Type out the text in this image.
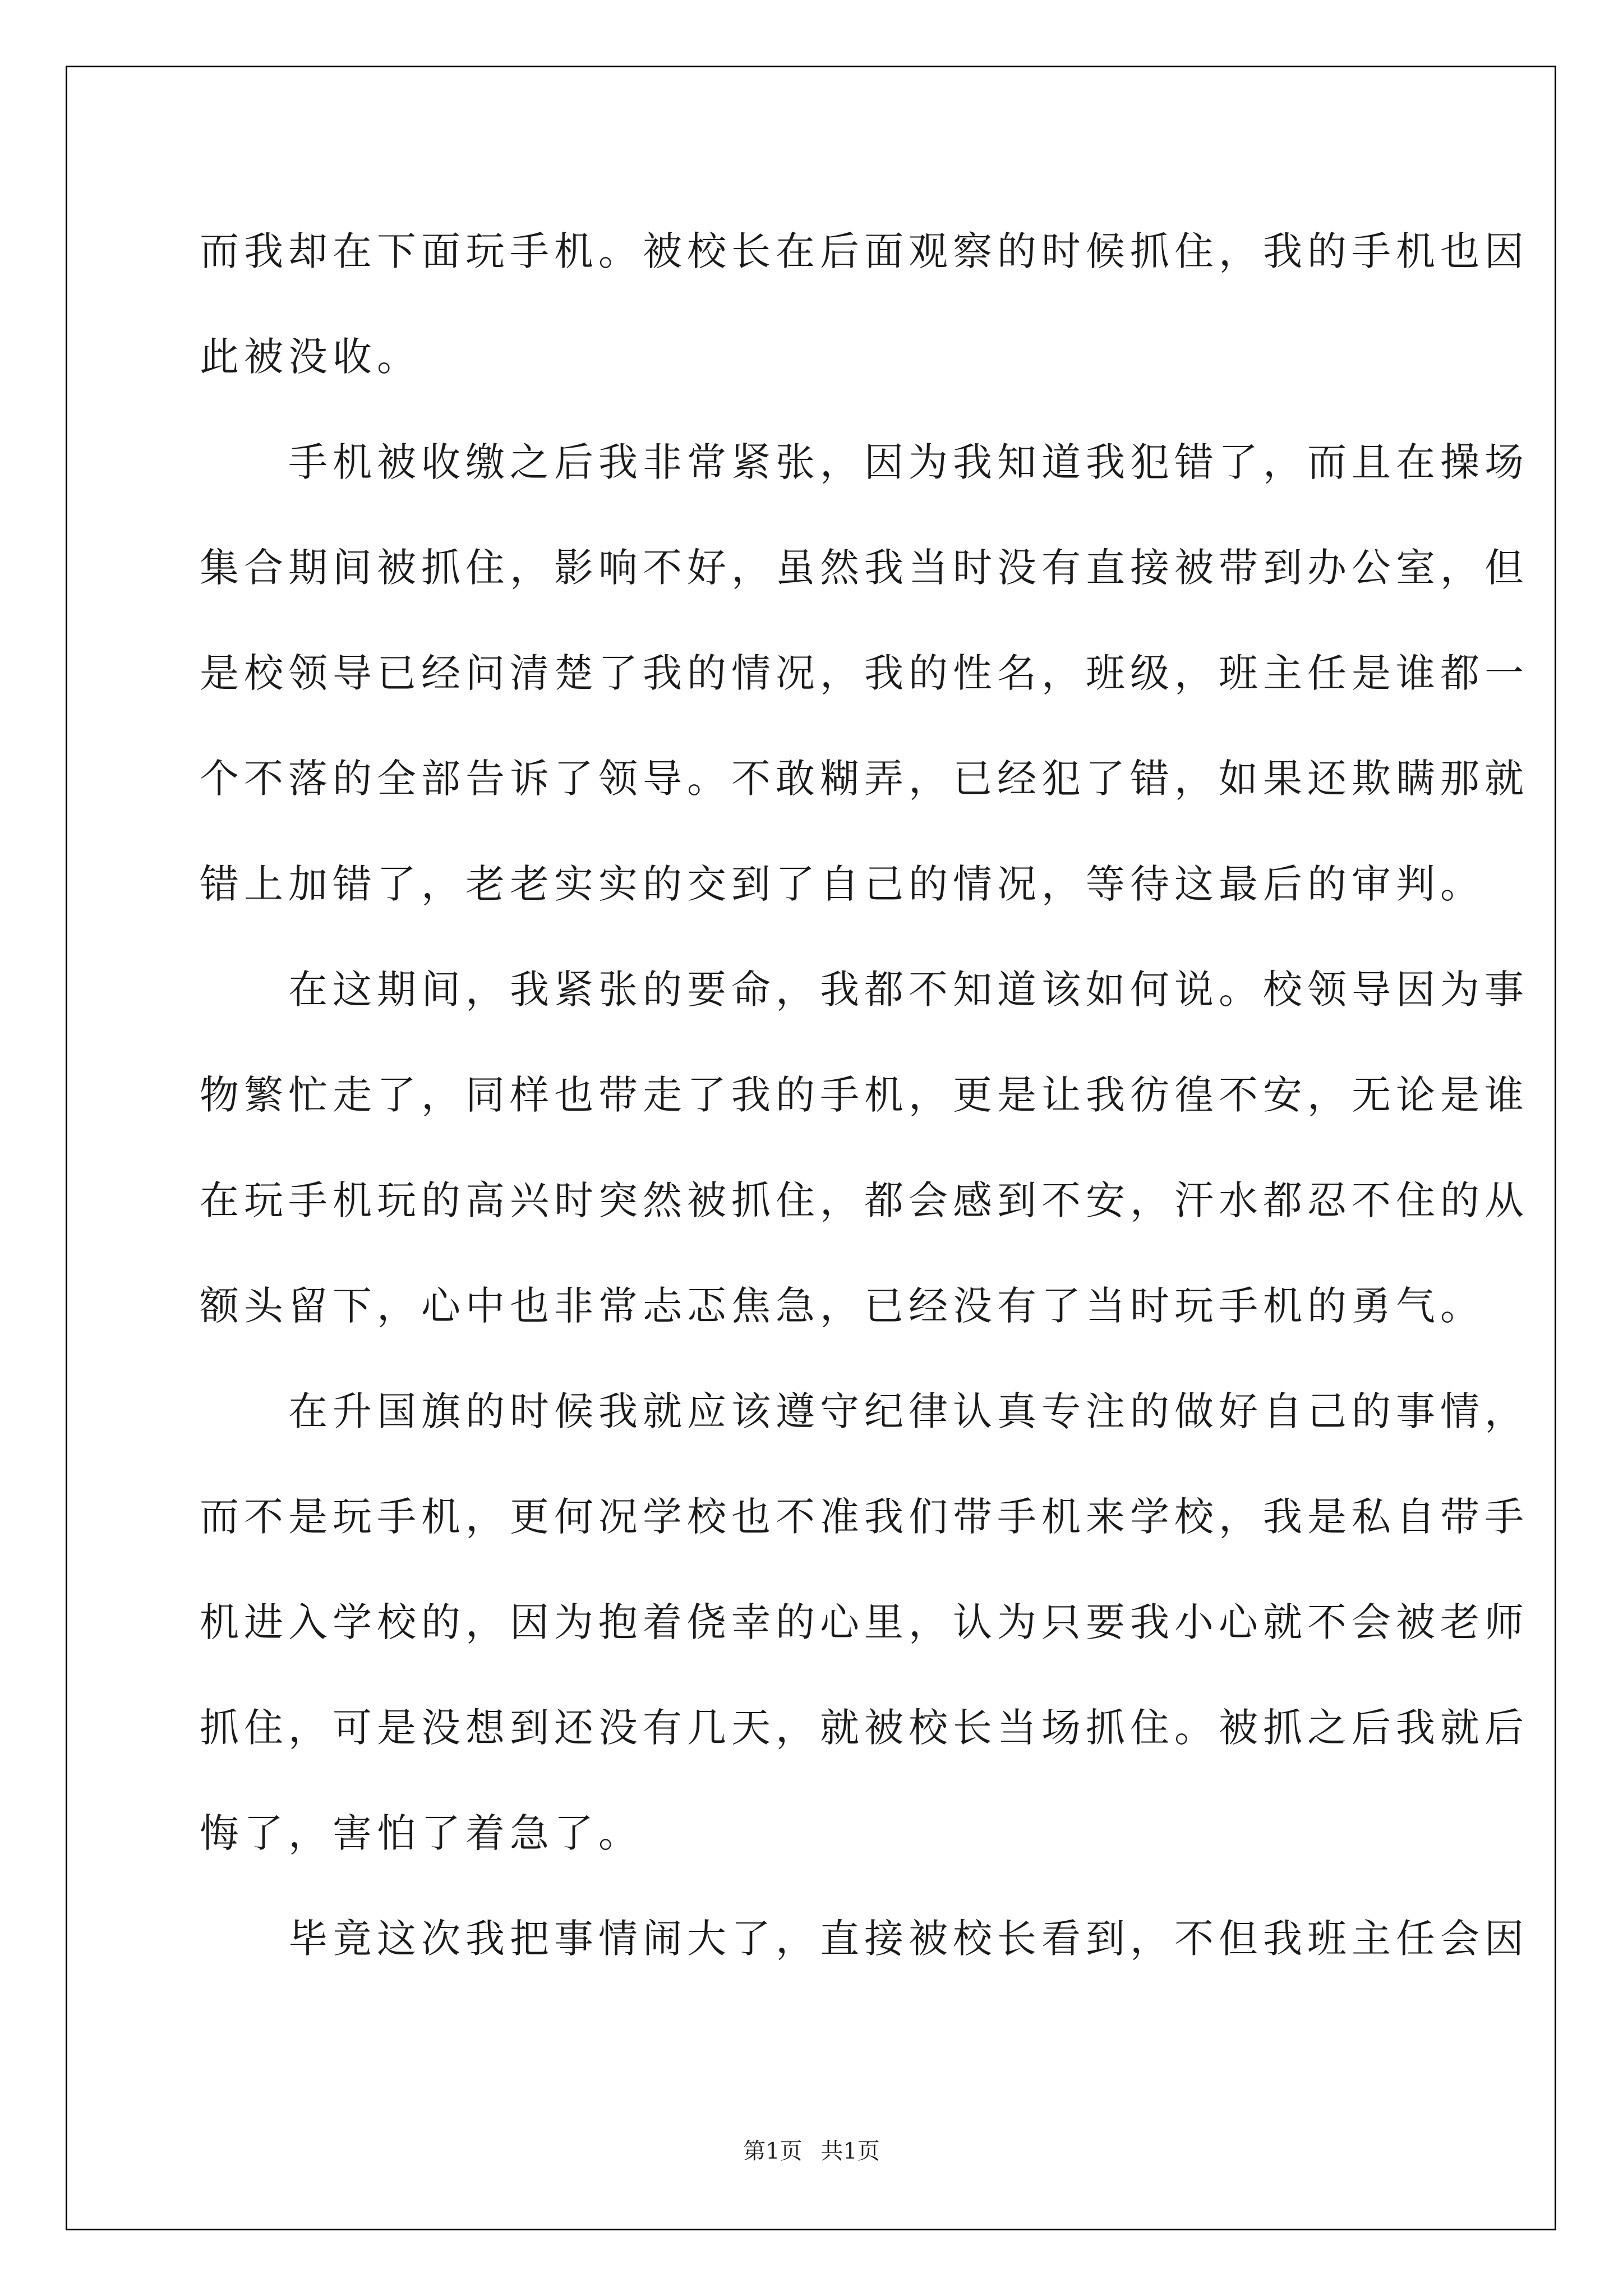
而我却在下面玩手机。被校长在后面观察的时候抓住，我的手机也因
此被没收。
　　手机被收缴之后我非常紧张，因为我知道我犯错了，而且在操场
集合期间被抓住，影响不好，虽然我当时没有直接被带到办公室，但
是校领导已经问清楚了我的情况，我的性名，班级，班主任是谁都一
个不落的全部告诉了领导。不敢糊弄，已经犯了错，如果还欺瞒那就
错上加错了，老老实实的交到了自己的情况，等待这最后的审判。
　　在这期间，我紧张的要命，我都不知道该如何说。校领导因为事
物繁忙走了，同样也带走了我的手机，更是让我彷徨不安，无论是谁
在玩手机玩的高兴时突然被抓住，都会感到不安，汗水都忍不住的从
额头留下，心中也非常忐忑焦急，已经没有了当时玩手机的勇气。
　　在升国旗的时候我就应该遵守纪律认真专注的做好自己的事情，
而不是玩手机，更何况学校也不准我们带手机来学校，我是私自带手
机进入学校的，因为抱着侥幸的心里，认为只要我小心就不会被老师
抓住，可是没想到还没有几天，就被校长当场抓住。被抓之后我就后
悔了，害怕了着急了。
　　毕竟这次我把事情闹大了，直接被校长看到，不但我班主任会因
第1页 共1页
